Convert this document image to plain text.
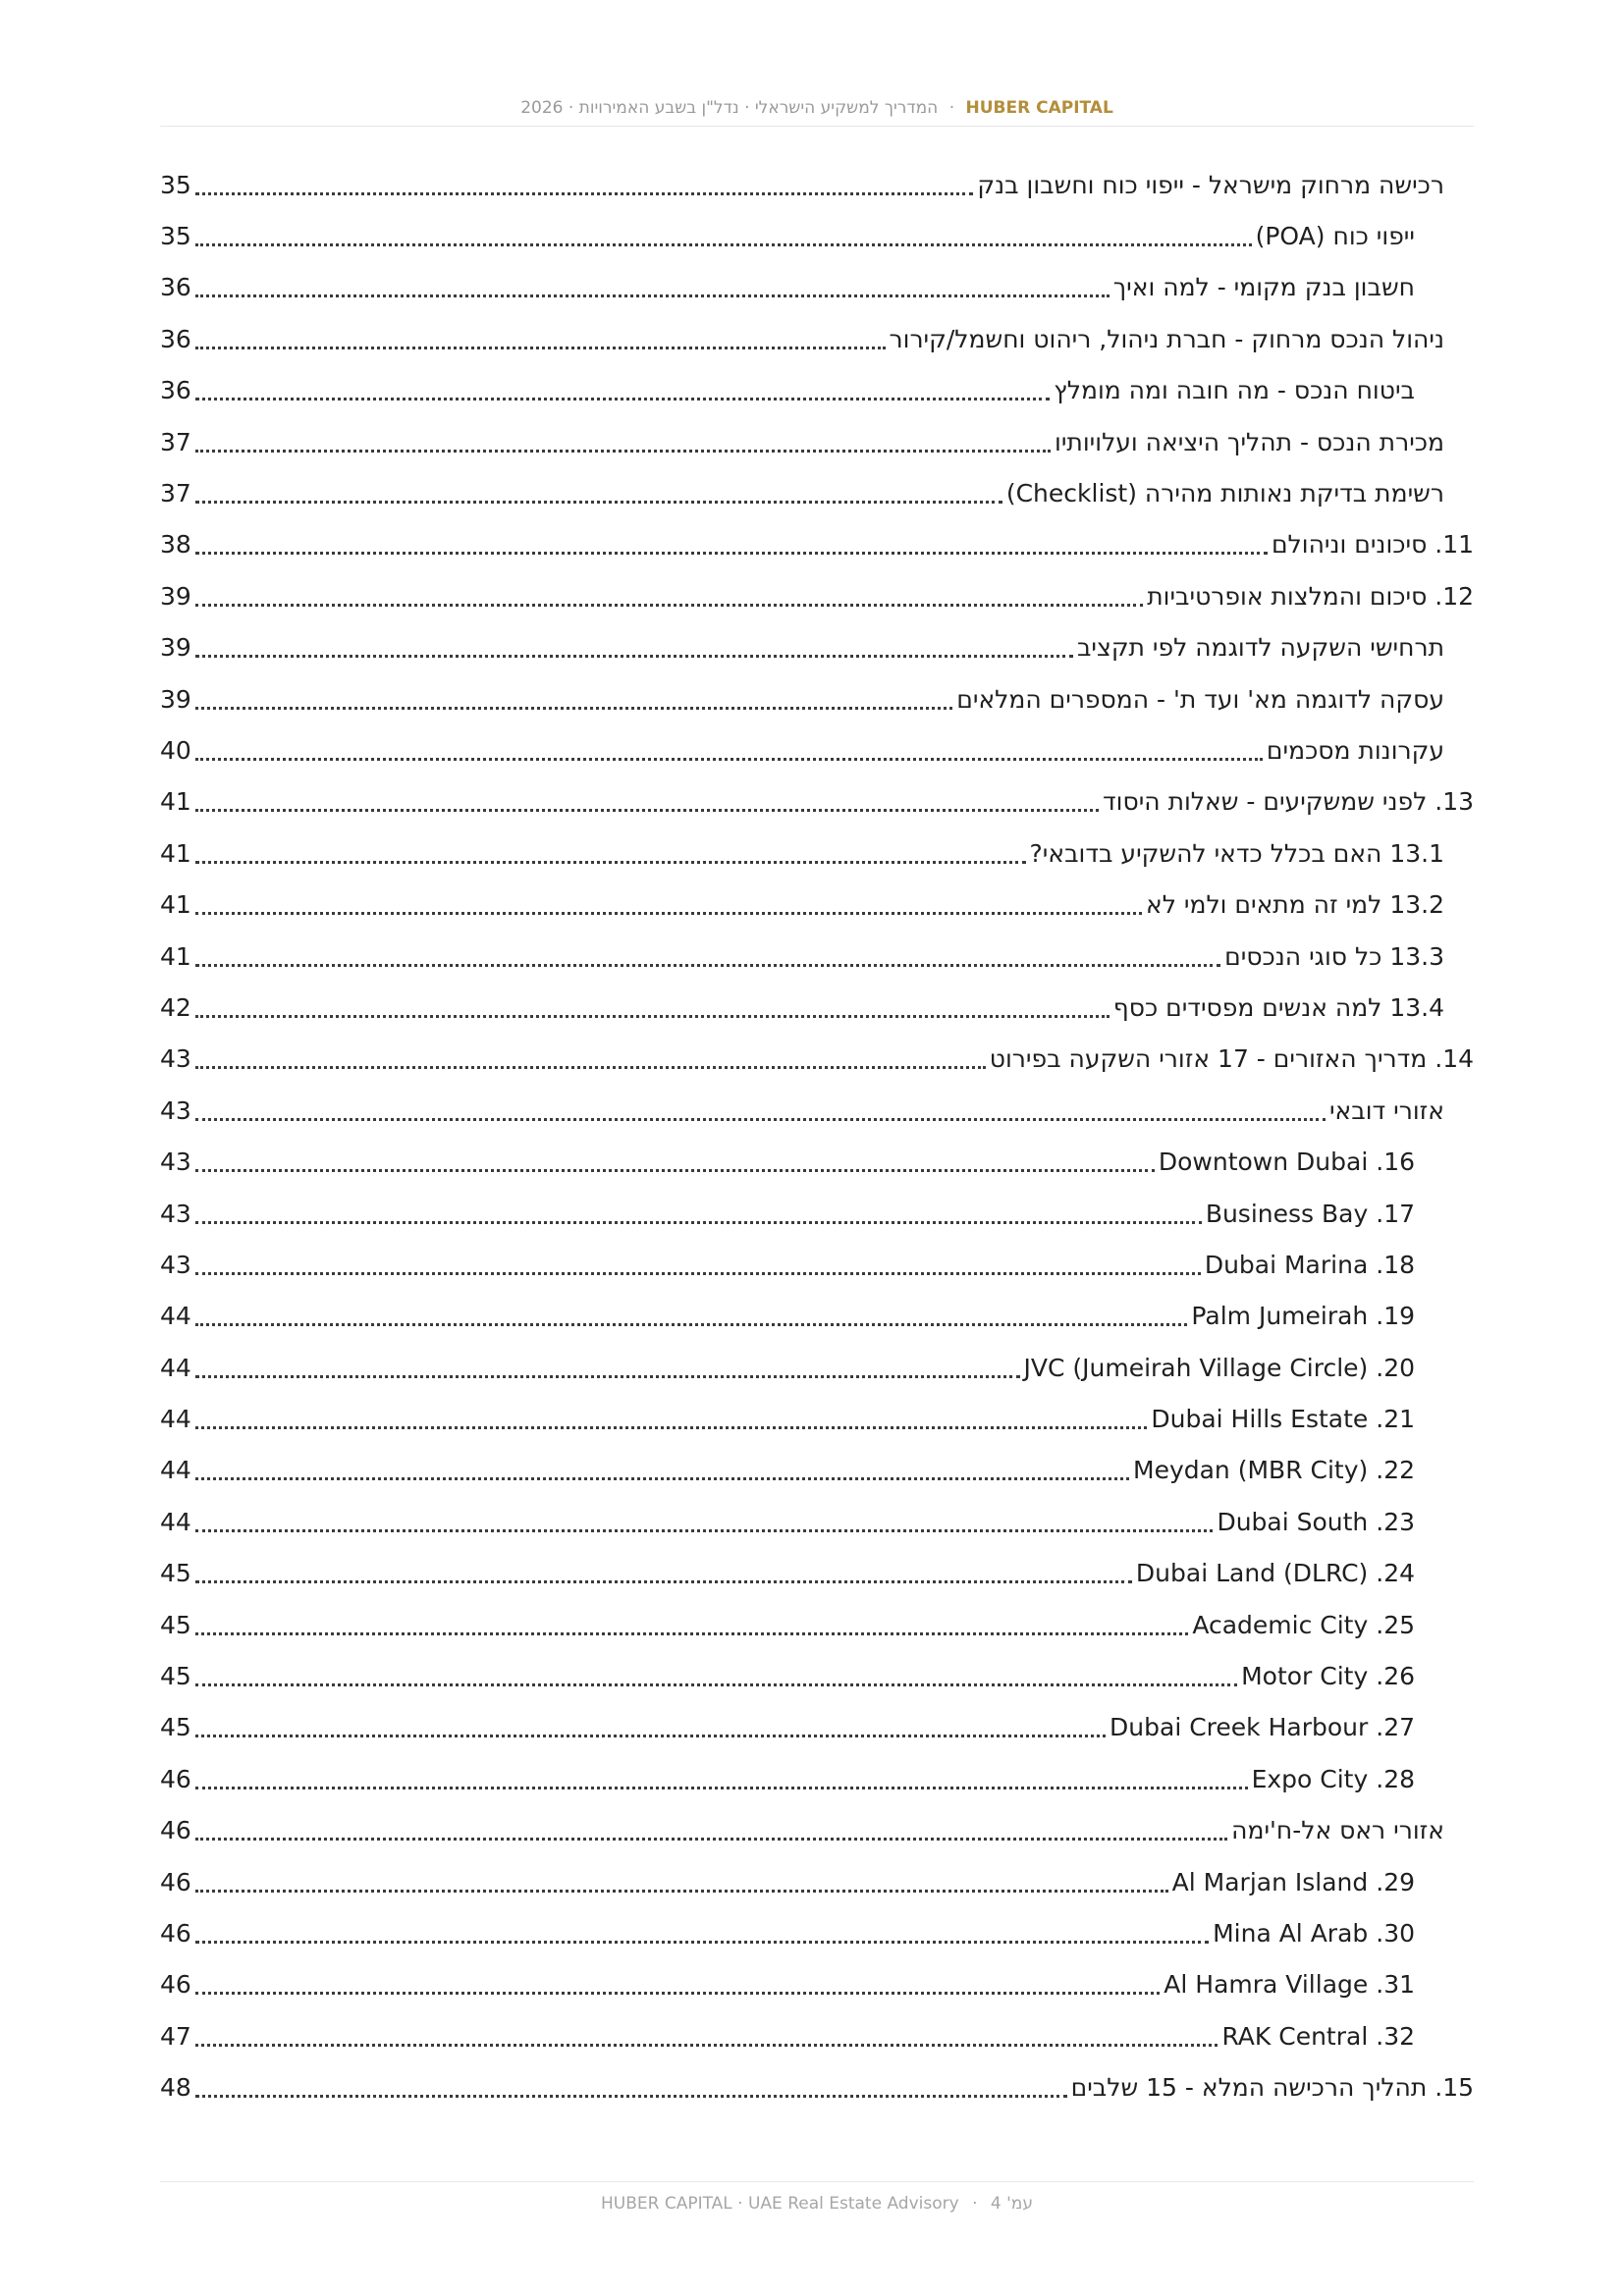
HUBER CAPITAL · המדריך למשקיע הישראלי · נדל"ן בשבע האמירויות · 2026
רכישה מרחוק מישראל - ייפוי כוח וחשבון בנק
35
ייפוי כוח (POA)
35
חשבון בנק מקומי - למה ואיך
36
ניהול הנכס מרחוק - חברת ניהול, ריהוט וחשמל/קירור
36
ביטוח הנכס - מה חובה ומה מומלץ
36
מכירת הנכס - תהליך היציאה ועלויותיו
37
רשימת בדיקת נאותות מהירה (Checklist)
37
11. סיכונים וניהולם
38
12. סיכום והמלצות אופרטיביות
39
תרחישי השקעה לדוגמה לפי תקציב
39
עסקה לדוגמה מא' ועד ת' - המספרים המלאים
39
עקרונות מסכמים
40
13. לפני שמשקיעים - שאלות היסוד
41
13.1 האם בכלל כדאי להשקיע בדובאי?
41
13.2 למי זה מתאים ולמי לא
41
13.3 כל סוגי הנכסים
41
13.4 למה אנשים מפסידים כסף
42
14. מדריך האזורים - 17 אזורי השקעה בפירוט
43
אזורי דובאי
43
16. Downtown Dubai
43
17. Business Bay
43
18. Dubai Marina
43
19. Palm Jumeirah
44
20. JVC (Jumeirah Village Circle)
44
21. Dubai Hills Estate
44
22. Meydan (MBR City)
44
23. Dubai South
44
24. Dubai Land (DLRC)
45
25. Academic City
45
26. Motor City
45
27. Dubai Creek Harbour
45
28. Expo City
46
אזורי ראס אל-ח'ימה
46
29. Al Marjan Island
46
30. Mina Al Arab
46
31. Al Hamra Village
46
32. RAK Central
47
15. תהליך הרכישה המלא - 15 שלבים
48
HUBER CAPITAL · UAE Real Estate Advisory · עמ' 4
